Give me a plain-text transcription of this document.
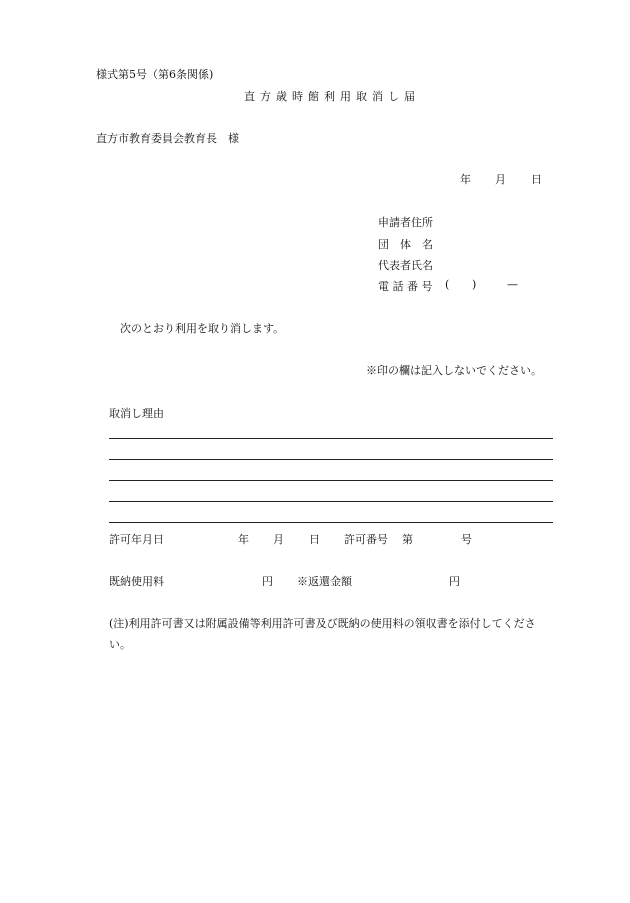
様式第5号（第6条関係)
直方歳時館利用取消し届
直方市教育委員会教育長　様
年 月 日
申請者住所
団　体　名
代表者氏名
電 話 番 号 ( )	—
次のとおり利用を取り消します。
※印の欄は記入しないでください。
取消し理由
許可年月日	年 月 日 許可番号 第	号
既納使用料	円 ※返還金額	円
(注)利用許可書又は附属設備等利用許可書及び既納の使用料の領収書を添付してくださ
い。
